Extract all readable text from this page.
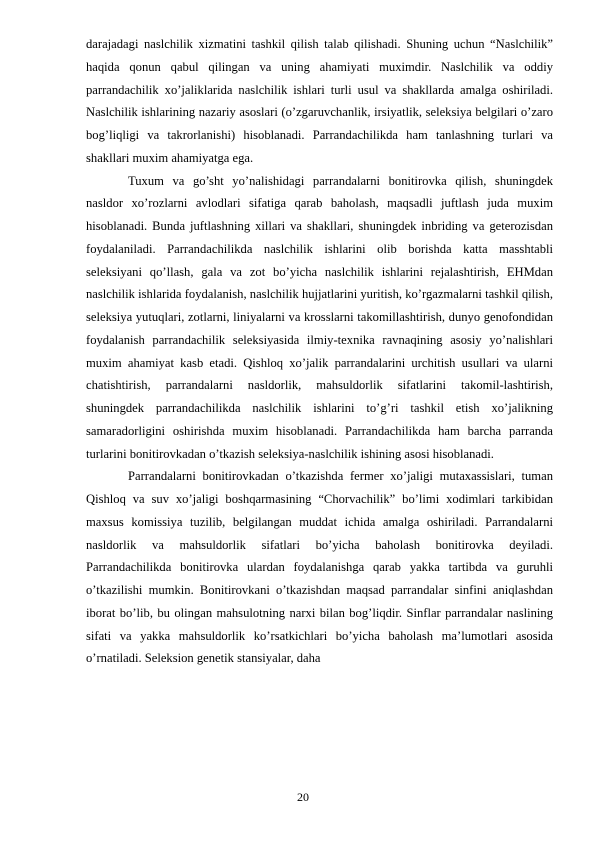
darajadagi naslchilik xizmatini tashkil qilish talab qilishadi. Shuning uchun “Naslchilik” haqida qonun qabul qilingan va uning ahamiyati muximdir. Naslchilik va oddiy parrandachilik xo’jaliklarida naslchilik ishlari turli usul va shakllarda amalga oshiriladi. Naslchilik ishlarining nazariy asoslari (o’zgaruvchanlik, irsiyatlik, seleksiya belgilari o’zaro bog’liqligi va takrorlanishi) hisoblanadi. Parrandachilikda ham tanlashning turlari va shakllari muxim ahamiyatga ega.

Tuxum va go’sht yo’nalishidagi parrandalarni bonitirovka qilish, shuningdek nasldor xo’rozlarni avlodlari sifatiga qarab baholash, maqsadli juftlash juda muxim hisoblanadi. Bunda juftlashning xillari va shakllari, shuningdek inbriding va geterozisdan foydalaniladi. Parrandachilikda naslchilik ishlarini olib borishda katta masshtabli seleksiyani qo’llash, gala va zot bo’yicha naslchilik ishlarini rejalashtirish, EHMdan naslchilik ishlarida foydalanish, naslchilik hujjatlarini yuritish, ko’rgazmalarni tashkil qilish, seleksiya yutuqlari, zotlarni, liniyalarni va krosslarni takomillashtirish, dunyo genofondidan foydalanish parrandachilik seleksiyasida ilmiy-texnika ravnaqining asosiy yo’nalishlari muxim ahamiyat kasb etadi. Qishloq xo’jalik parrandalarini urchitish usullari va ularni chatishtirish, parrandalarni nasldorlik, mahsuldorlik sifatlarini takomil-lashtirish, shuningdek parrandachilikda naslchilik ishlarini to’g’ri tashkil etish xo’jalikning samaradorligini oshirishda muxim hisoblanadi. Parrandachilikda ham barcha parranda turlarini bonitirovkadan o’tkazish seleksiya-naslchilik ishining asosi hisoblanadi.

Parrandalarni bonitirovkadan o’tkazishda fermer xo’jaligi mutaxassislari, tuman Qishloq va suv xo’jaligi boshqarmasining “Chorvachilik” bo’limi xodimlari tarkibidan maxsus komissiya tuzilib, belgilangan muddat ichida amalga oshiriladi. Parrandalarni nasldorlik va mahsuldorlik sifatlari bo’yicha baholash bonitirovka deyiladi. Parrandachilikda bonitirovka ulardan foydalanishga qarab yakka tartibda va guruhli o’tkazilishi mumkin. Bonitirovkani o’tkazishdan maqsad parrandalar sinfini aniqlashdan iborat bo’lib, bu olingan mahsulotning narxi bilan bog’liqdir. Sinflar parrandalar naslining sifati va yakka mahsuldorlik ko’rsatkichlari bo’yicha baholash ma’lumotlari asosida o’rnatiladi. Seleksion genetik stansiyalar, daha

20
